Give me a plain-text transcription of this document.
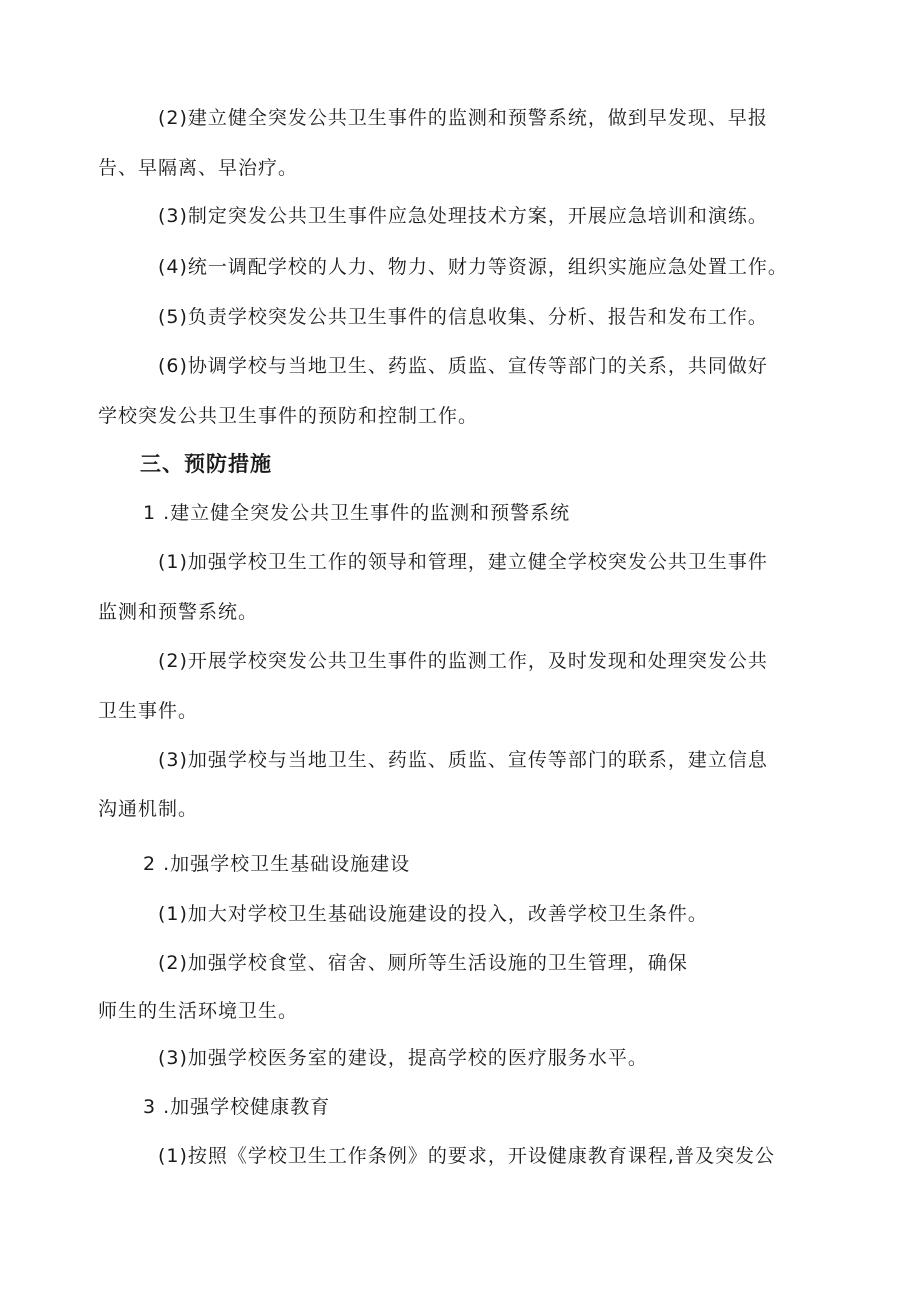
(2)建立健全突发公共卫生事件的监测和预警系统，做到早发现、早报
告、早隔离、早治疗。
(3)制定突发公共卫生事件应急处理技术方案，开展应急培训和演练。
(4)统一调配学校的人力、物力、财力等资源，组织实施应急处置工作。
(5)负责学校突发公共卫生事件的信息收集、分析、报告和发布工作。
(6)协调学校与当地卫生、药监、质监、宣传等部门的关系，共同做好
学校突发公共卫生事件的预防和控制工作。
三、预防措施
1 .建立健全突发公共卫生事件的监测和预警系统
(1)加强学校卫生工作的领导和管理，建立健全学校突发公共卫生事件
监测和预警系统。
(2)开展学校突发公共卫生事件的监测工作，及时发现和处理突发公共
卫生事件。
(3)加强学校与当地卫生、药监、质监、宣传等部门的联系，建立信息
沟通机制。
2 .加强学校卫生基础设施建设
(1)加大对学校卫生基础设施建设的投入，改善学校卫生条件。
(2)加强学校食堂、宿舍、厕所等生活设施的卫生管理，确保
师生的生活环境卫生。
(3)加强学校医务室的建设，提高学校的医疗服务水平。
3 .加强学校健康教育
(1)按照《学校卫生工作条例》的要求，开设健康教育课程,普及突发公
